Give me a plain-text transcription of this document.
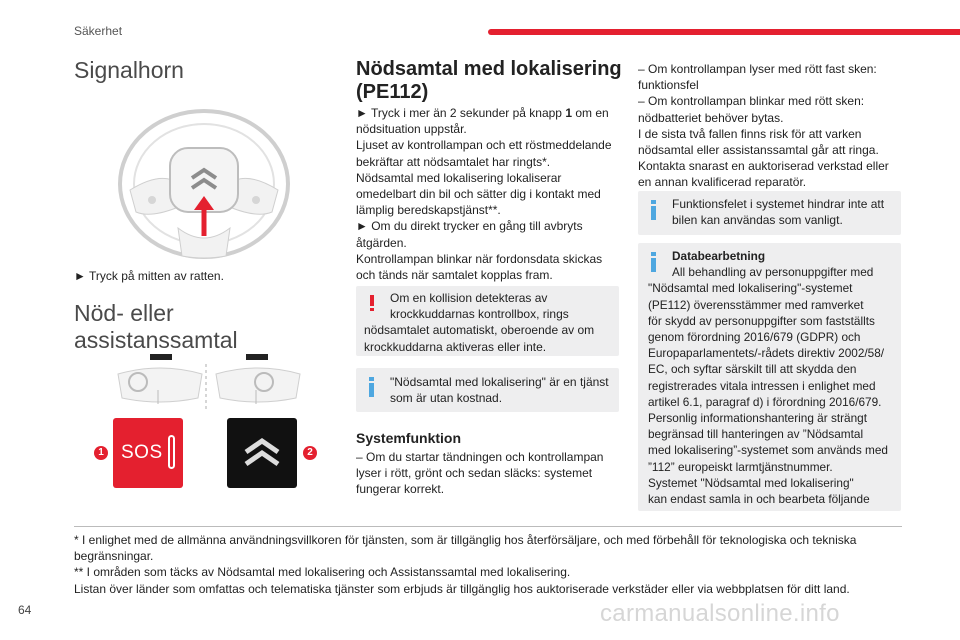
Säkerhet
Signalhorn
► Tryck på mitten av ratten.
Nöd- eller
assistanssamtal
SOS
1	2
Nödsamtal med lokalisering
(PE112)

► Tryck i mer än 2 sekunder på knapp 1 om en

nödsituation uppstår.

Ljuset av kontrollampan och ett röstmeddelande

bekräftar att nödsamtalet har ringts*.

Nödsamtal med lokalisering lokaliserar

omedelbart din bil och sätter dig i kontakt med

lämplig beredskapstjänst**.

► Om du direkt trycker en gång till avbryts

åtgärden.

Kontrollampan blinkar när fordonsdata skickas

och tänds när samtalet kopplas fram.

Om en kollision detekteras av
krockkuddarnas kontrollbox, rings
nödsamtalet automatiskt, oberoende av om
krockkuddarna aktiveras eller inte.
"Nödsamtal med lokalisering" är en tjänst
som är utan kostnad.
Systemfunktion

– Om du startar tändningen och kontrollampan

lyser i rött, grönt och sedan släcks: systemet

fungerar korrekt.

– Om kontrollampan lyser med rött fast sken:

funktionsfel

– Om kontrollampan blinkar med rött sken:

nödbatteriet behöver bytas.

I de sista två fallen finns risk för att varken

nödsamtal eller assistanssamtal går att ringa.

Kontakta snarast en auktoriserad verkstad eller

en annan kvalificerad reparatör.

Funktionsfelet i systemet hindrar inte att
bilen kan användas som vanligt.
Databearbetning
All behandling av personuppgifter med
"Nödsamtal med lokalisering"-systemet
(PE112) överensstämmer med ramverket
för skydd av personuppgifter som fastställts
genom förordning 2016/679 (GDPR) och
Europaparlamentets/-rådets direktiv 2002/58/
EC, och syftar särskilt till att skydda den
registrerades vitala intressen i enlighet med
artikel 6.1, paragraf d) i förordning 2016/679.
Personlig informationshantering är strängt
begränsad till hanteringen av ”Nödsamtal
med lokalisering”-systemet som används med
”112” europeiskt larmtjänstnummer.
Systemet "Nödsamtal med lokalisering"
kan endast samla in och bearbeta följande
* I enlighet med de allmänna användningsvillkoren för tjänsten, som är tillgänglig hos återförsäljare, och med förbehåll för teknologiska och tekniska
begränsningar.
** I områden som täcks av Nödsamtal med lokalisering och Assistanssamtal med lokalisering.
Listan över länder som omfattas och telematiska tjänster som erbjuds är tillgänglig hos auktoriserade verkstäder eller via webbplatsen för ditt land.
64	carmanualsonline.info
